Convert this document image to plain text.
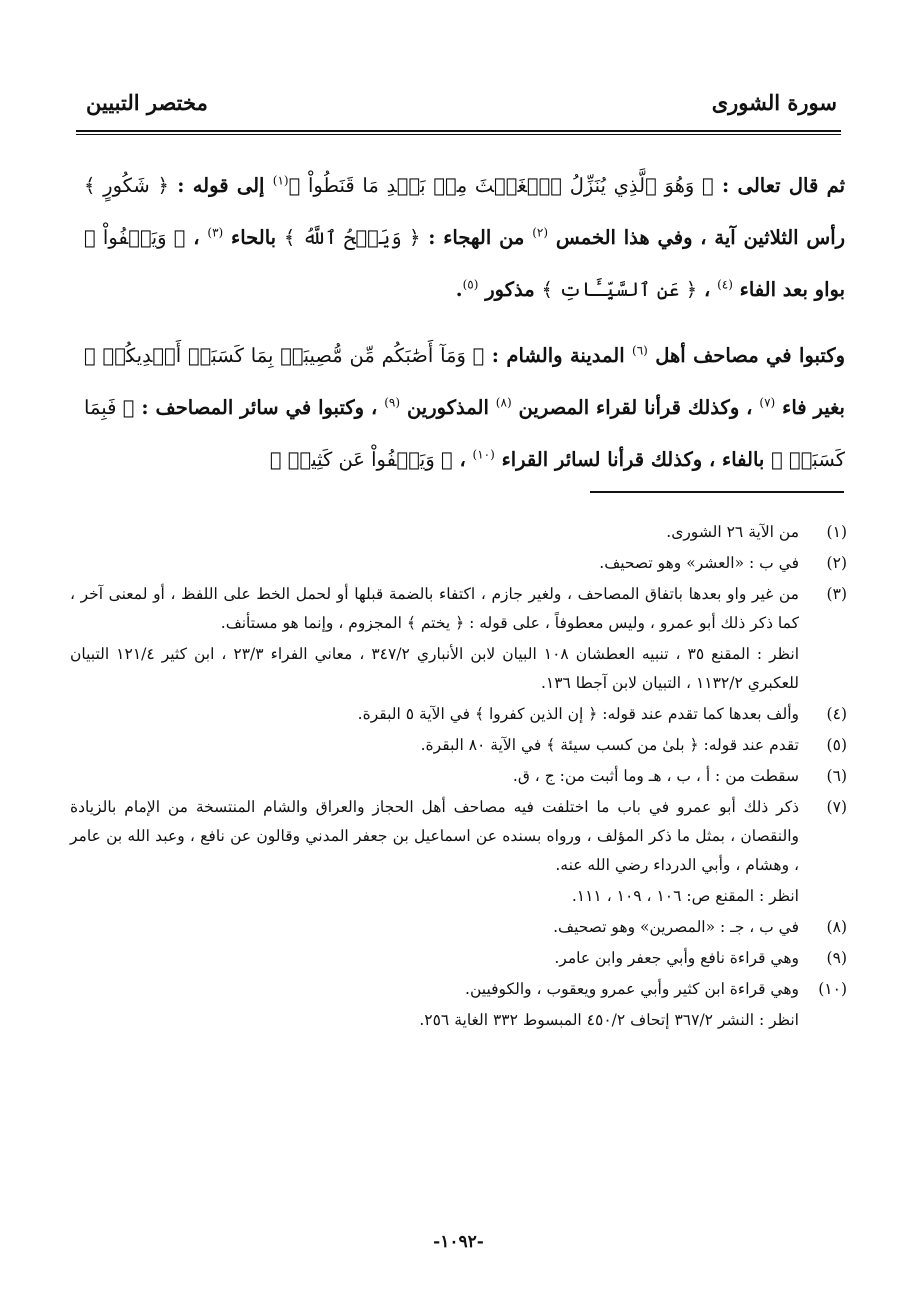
سورة الشورى
مختصر التبيين

ثم قال تعالى : ﴿ وَهُوَ ٱلَّذِي يُنَزِّلُ ٱلۡغَيۡثَ مِنۢ بَعۡدِ مَا قَنَطُواْ ﴾$^{(١)}$ إلى قوله : ﴿ شَكُورٍ ﴾ رأس الثلاثين آية ، وفي هذا الخمس $^{(٢)}$ من الهجاء : ﴿ وَيَمۡحُ ٱللَّهُ ﴾ بالحاء $^{(٣)}$ ، ﴿ وَيَعۡفُواْ ﴾ بواو بعد الفاء $^{(٤)}$ ، ﴿ عَنِ ٱلسَّيِّـَٔاتِ ﴾ مذكور $^{(٥)}$.

وكتبوا في مصاحف أهل $^{(٦)}$ المدينة والشام : ﴿ وَمَآ أَصَٰبَكُم مِّن مُّصِيبَةٖ بِمَا كَسَبَتۡ أَيۡدِيكُمۡ ﴾ بغير فاء $^{(٧)}$ ، وكذلك قرأنا لقراء المصرين $^{(٨)}$ المذكورين $^{(٩)}$ ، وكتبوا في سائر المصاحف : ﴿ فَبِمَا كَسَبَتۡ ﴾ بالفاء ، وكذلك قرأنا لسائر القراء $^{(١٠)}$ ، ﴿ وَيَعۡفُواْ عَن كَثِيرٖ ﴾

(١)
من الآية ٢٦ الشورى.
(٢)
في ب : «العشر» وهو تصحيف.
(٣)
من غير واو بعدها باتفاق المصاحف ، ولغير جازم ، اكتفاء بالضمة قبلها أو لحمل الخط على اللفظ ، أو لمعنى آخر ، كما ذكر ذلك أبو عمرو ، وليس معطوفاً ، على قوله : ﴿ يختم ﴾ المجزوم ، وإنما هو مستأنف.
انظر : المقنع ٣٥ ، تنبيه العطشان ١٠٨ البيان لابن الأنباري ٣٤٧/٢ ، معاني الفراء ٢٣/٣ ، ابن كثير ١٢١/٤ التبيان للعكبري ١١٣٢/٢ ، التبيان لابن آجطا ١٣٦.
(٤)
وألف بعدها كما تقدم عند قوله: ﴿ إن الذين كفروا ﴾ في الآية ٥ البقرة.
(٥)
تقدم عند قوله: ﴿ بلىٰ من كسب سيئة ﴾ في الآية ٨٠ البقرة.
(٦)
سقطت من : أ ، ب ، هـ وما أثبت من: ج ، ق.
(٧)
ذكر ذلك أبو عمرو في باب ما اختلفت فيه مصاحف أهل الحجاز والعراق والشام المنتسخة من الإمام بالزيادة والنقصان ، بمثل ما ذكر المؤلف ، ورواه بسنده عن اسماعيل بن جعفر المدني وقالون عن نافع ، وعبد الله بن عامر ، وهشام ، وأبي الدرداء رضي الله عنه.
انظر : المقنع ص: ١٠٦ ، ١٠٩ ، ١١١.
(٨)
في ب ، جـ : «المصرين» وهو تصحيف.
(٩)
وهي قراءة نافع وأبي جعفر وابن عامر.
(١٠)
وهي قراءة ابن كثير وأبي عمرو ويعقوب ، والكوفيين.
انظر : النشر ٣٦٧/٢ إتحاف ٤٥٠/٢ المبسوط ٣٣٢ الغاية ٢٥٦.
-١٠٩٢-
